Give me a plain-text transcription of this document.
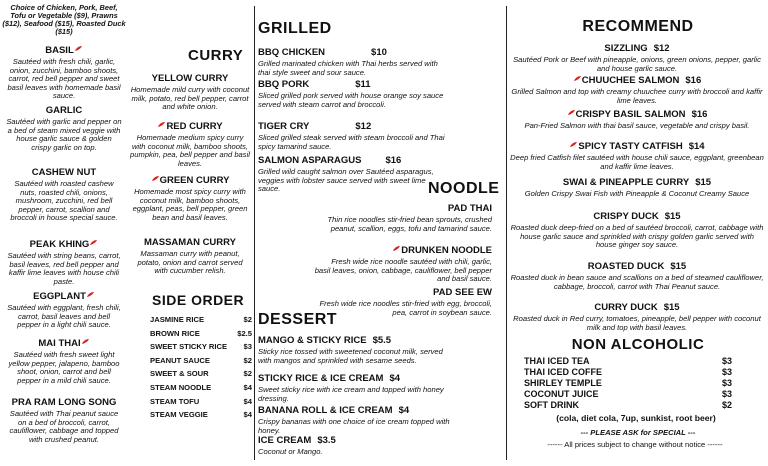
Choice of Chicken, Pork, Beef, Tofu or Vegetable ($9), Prawns ($12), Seafood ($15), Roasted Duck ($15)
BASIL
Sautéed with fresh chili, garlic, onion, zucchini, bamboo shoots, carrot, red bell pepper and sweet basil leaves with homemade basil sauce.
GARLIC
Sautéed with garlic and pepper on a bed of steam mixed veggie with house garlic sauce & golden crispy garlic on top.
CASHEW NUT
Sautéed with roasted cashew nuts, roasted chili, onions, mushroom, zucchini, red bell pepper, carrot, scallion and broccoli in house special sauce.
PEAK KHING
Sautéed with string beans, carrot, basil leaves, red bell pepper and kaffir lime leaves with house chili paste.
EGGPLANT
Sautéed with eggplant, fresh chili, carrot, basil leaves and bell pepper in a light chili sauce.
MAI THAI
Sautéed with fresh sweet light yellow pepper, jalapeno, bamboo shoot, onion, carrot and bell pepper in a mild chili sauce.
PRA RAM LONG SONG
Sautéed with Thai peanut sauce on a bed of broccoli, carrot, cauliflower, cabbage and topped with crushed peanut.
CURRY
YELLOW CURRY
Homemade mild curry with coconut milk, potato, red bell pepper, carrot and white onion.
RED CURRY
Homemade medium spicy curry with coconut milk, bamboo shoots, pumpkin, pea, bell pepper and basil leaves.
GREEN CURRY
Homemade most spicy curry with coconut milk, bamboo shoots, eggplant, peas, bell pepper, green bean and basil leaves.
MASSAMAN CURRY
Massaman curry with peanut, potato, onion and carrot served with cucumber relish.
SIDE ORDER
JASMINE RICE	$2
BROWN RICE	$2.5
SWEET STICKY RICE $3
PEANUT SAUCE	$2
SWEET & SOUR	$2
STEAM NOODLE	$4
STEAM TOFU	$4
STEAM VEGGIE	$4
GRILLED
BBQ CHICKEN	$10
Grilled marinated chicken with Thai herbs served with thai style sweet and sour sauce.
BBQ PORK	$11
Sliced grilled pork served with house orange soy sauce served with steam carrot and broccoli.
TIGER CRY	$12
Sliced grilled steak served with steam broccoli and Thai spicy tamarind sauce.
SALMON ASPARAGUS	$16
Grilled wild caught salmon over Sautéed asparagus, veggies with lobster sauce served with sweet lime sauce.	NOODLE
PAD THAI
Thin rice noodles stir-fried bean sprouts, crushed peanut, scallion, eggs, tofu and tamarind sauce.
DRUNKEN NOODLE
Fresh wide rice noodle sautéed with chili, garlic, basil leaves, onion, cabbage, cauliflower, bell pepper and basil sauce.
PAD SEE EW
Fresh wide rice noodles stir-fried with egg, broccoli, pea, carrot in soybean sauce.
DESSERT
MANGO & STICKY RICE $5.5
Sticky rice tossed with sweetened coconut milk, served with mangos and sprinkled with sesame seeds.
STICKY RICE & ICE CREAM $4
Sweet sticky rice with ice cream and topped with honey dressing.
BANANA ROLL & ICE CREAM $4
Crispy bananas with one choice of ice cream topped with honey.
ICE CREAM $3.5
Coconut or Mango.
RECOMMEND
SIZZLING $12
Sautéed Pork or Beef with pineapple, onions, green onions, pepper, garlic and house garlic sauce.
CHUUCHEE SALMON $16
Grilled Salmon and top with creamy chuuchee curry with broccoli and kaffir lime leaves.
CRISPY BASIL SALMON $16
Pan-Fried Salmon with thai basil sauce, vegetable and crispy basil.
SPICY TASTY CATFISH $14
Deep fried Catfish filet sautéed with house chili sauce, eggplant, greenbean and kaffir lime leaves.
SWAI & PINEAPPLE CURRY $15
Golden Crispy Swai Fish with Pineapple & Coconut Creamy Sauce
CRISPY DUCK $15
Roasted duck deep-fried on a bed of sautéed broccoli, carrot, cabbage with house garlic sauce and sprinkled with crispy golden garlic served with house ginger soy sauce.
ROASTED DUCK $15
Roasted duck in bean sauce and scallions on a bed of steamed cauliflower, cabbage, broccoli, carrot with Thai Peanut sauce.
CURRY DUCK $15
Roasted duck in Red curry, tomatoes, pineapple, bell pepper with coconut milk and top with basil leaves.
NON ALCOHOLIC
THAI ICED TEA	$3
THAI ICED COFFE	$3
SHIRLEY TEMPLE	$3
COCONUT JUICE	$3
SOFT DRINK	$2
(cola, diet cola, 7up, sunkist, root beer)
--- PLEASE ASK for SPECIAL ---
------ All prices subject to change without notice ------
